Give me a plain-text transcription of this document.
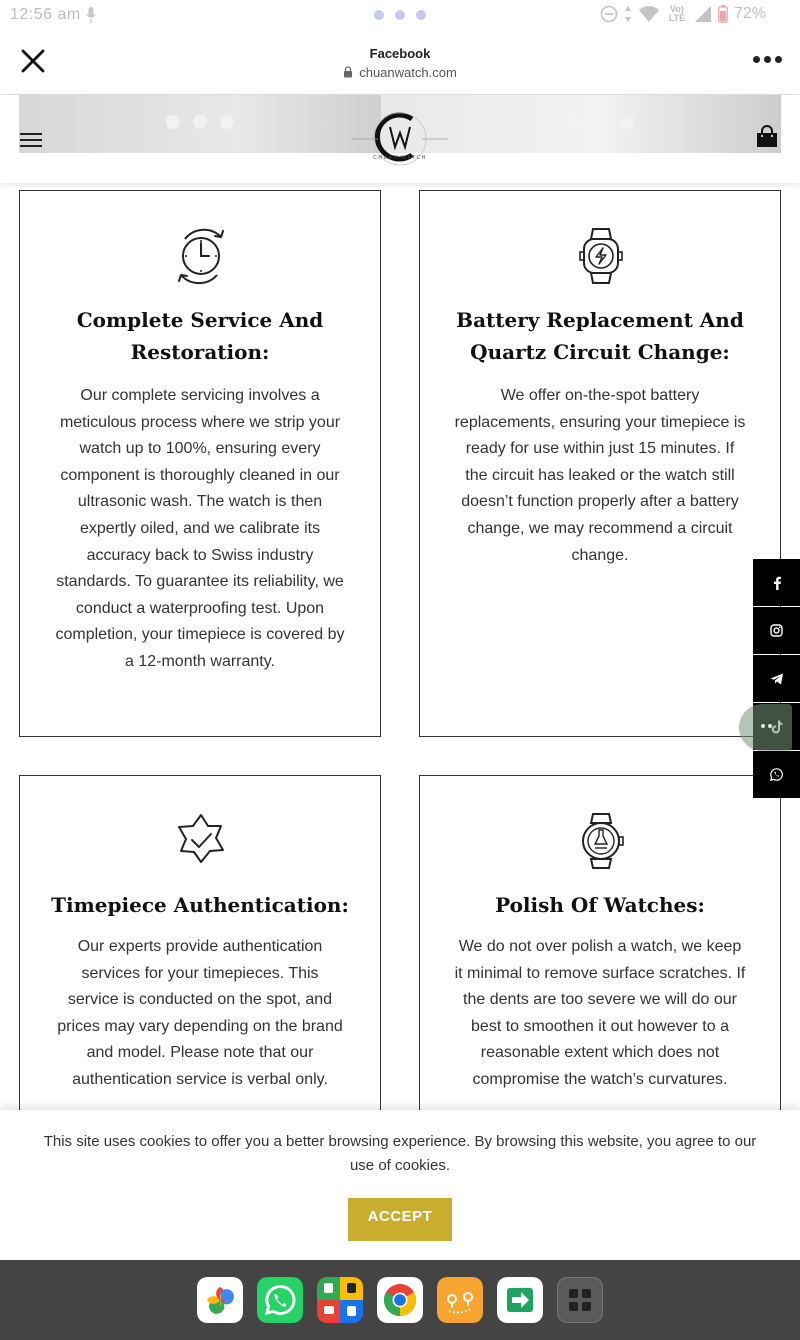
12:56 am	Vo) LTE	72%
Facebook
chuanwatch.com
CHUAN WATCH
Complete Service And Restoration:

Our complete servicing involves a meticulous process where we strip your watch up to 100%, ensuring every component is thoroughly cleaned in our ultrasonic wash. The watch is then expertly oiled, and we calibrate its accuracy back to Swiss industry standards. To guarantee its reliability, we conduct a waterproofing test. Upon completion, your timepiece is covered by a 12-month warranty.

Battery Replacement And Quartz Circuit Change:

We offer on-the-spot battery replacements, ensuring your timepiece is ready for use within just 15 minutes. If the circuit has leaked or the watch still doesn’t function properly after a battery change, we may recommend a circuit change.

Timepiece Authentication:

Our experts provide authentication services for your timepieces. This service is conducted on the spot, and prices may vary depending on the brand and model. Please note that our authentication service is verbal only.

Polish Of Watches:

We do not over polish a watch, we keep it minimal to remove surface scratches. If the dents are too severe we will do our best to smoothen it out however to a reasonable extent which does not compromise the watch’s curvatures.

This site uses cookies to offer you a better browsing experience. By browsing this website, you agree to our use of cookies.
ACCEPT
